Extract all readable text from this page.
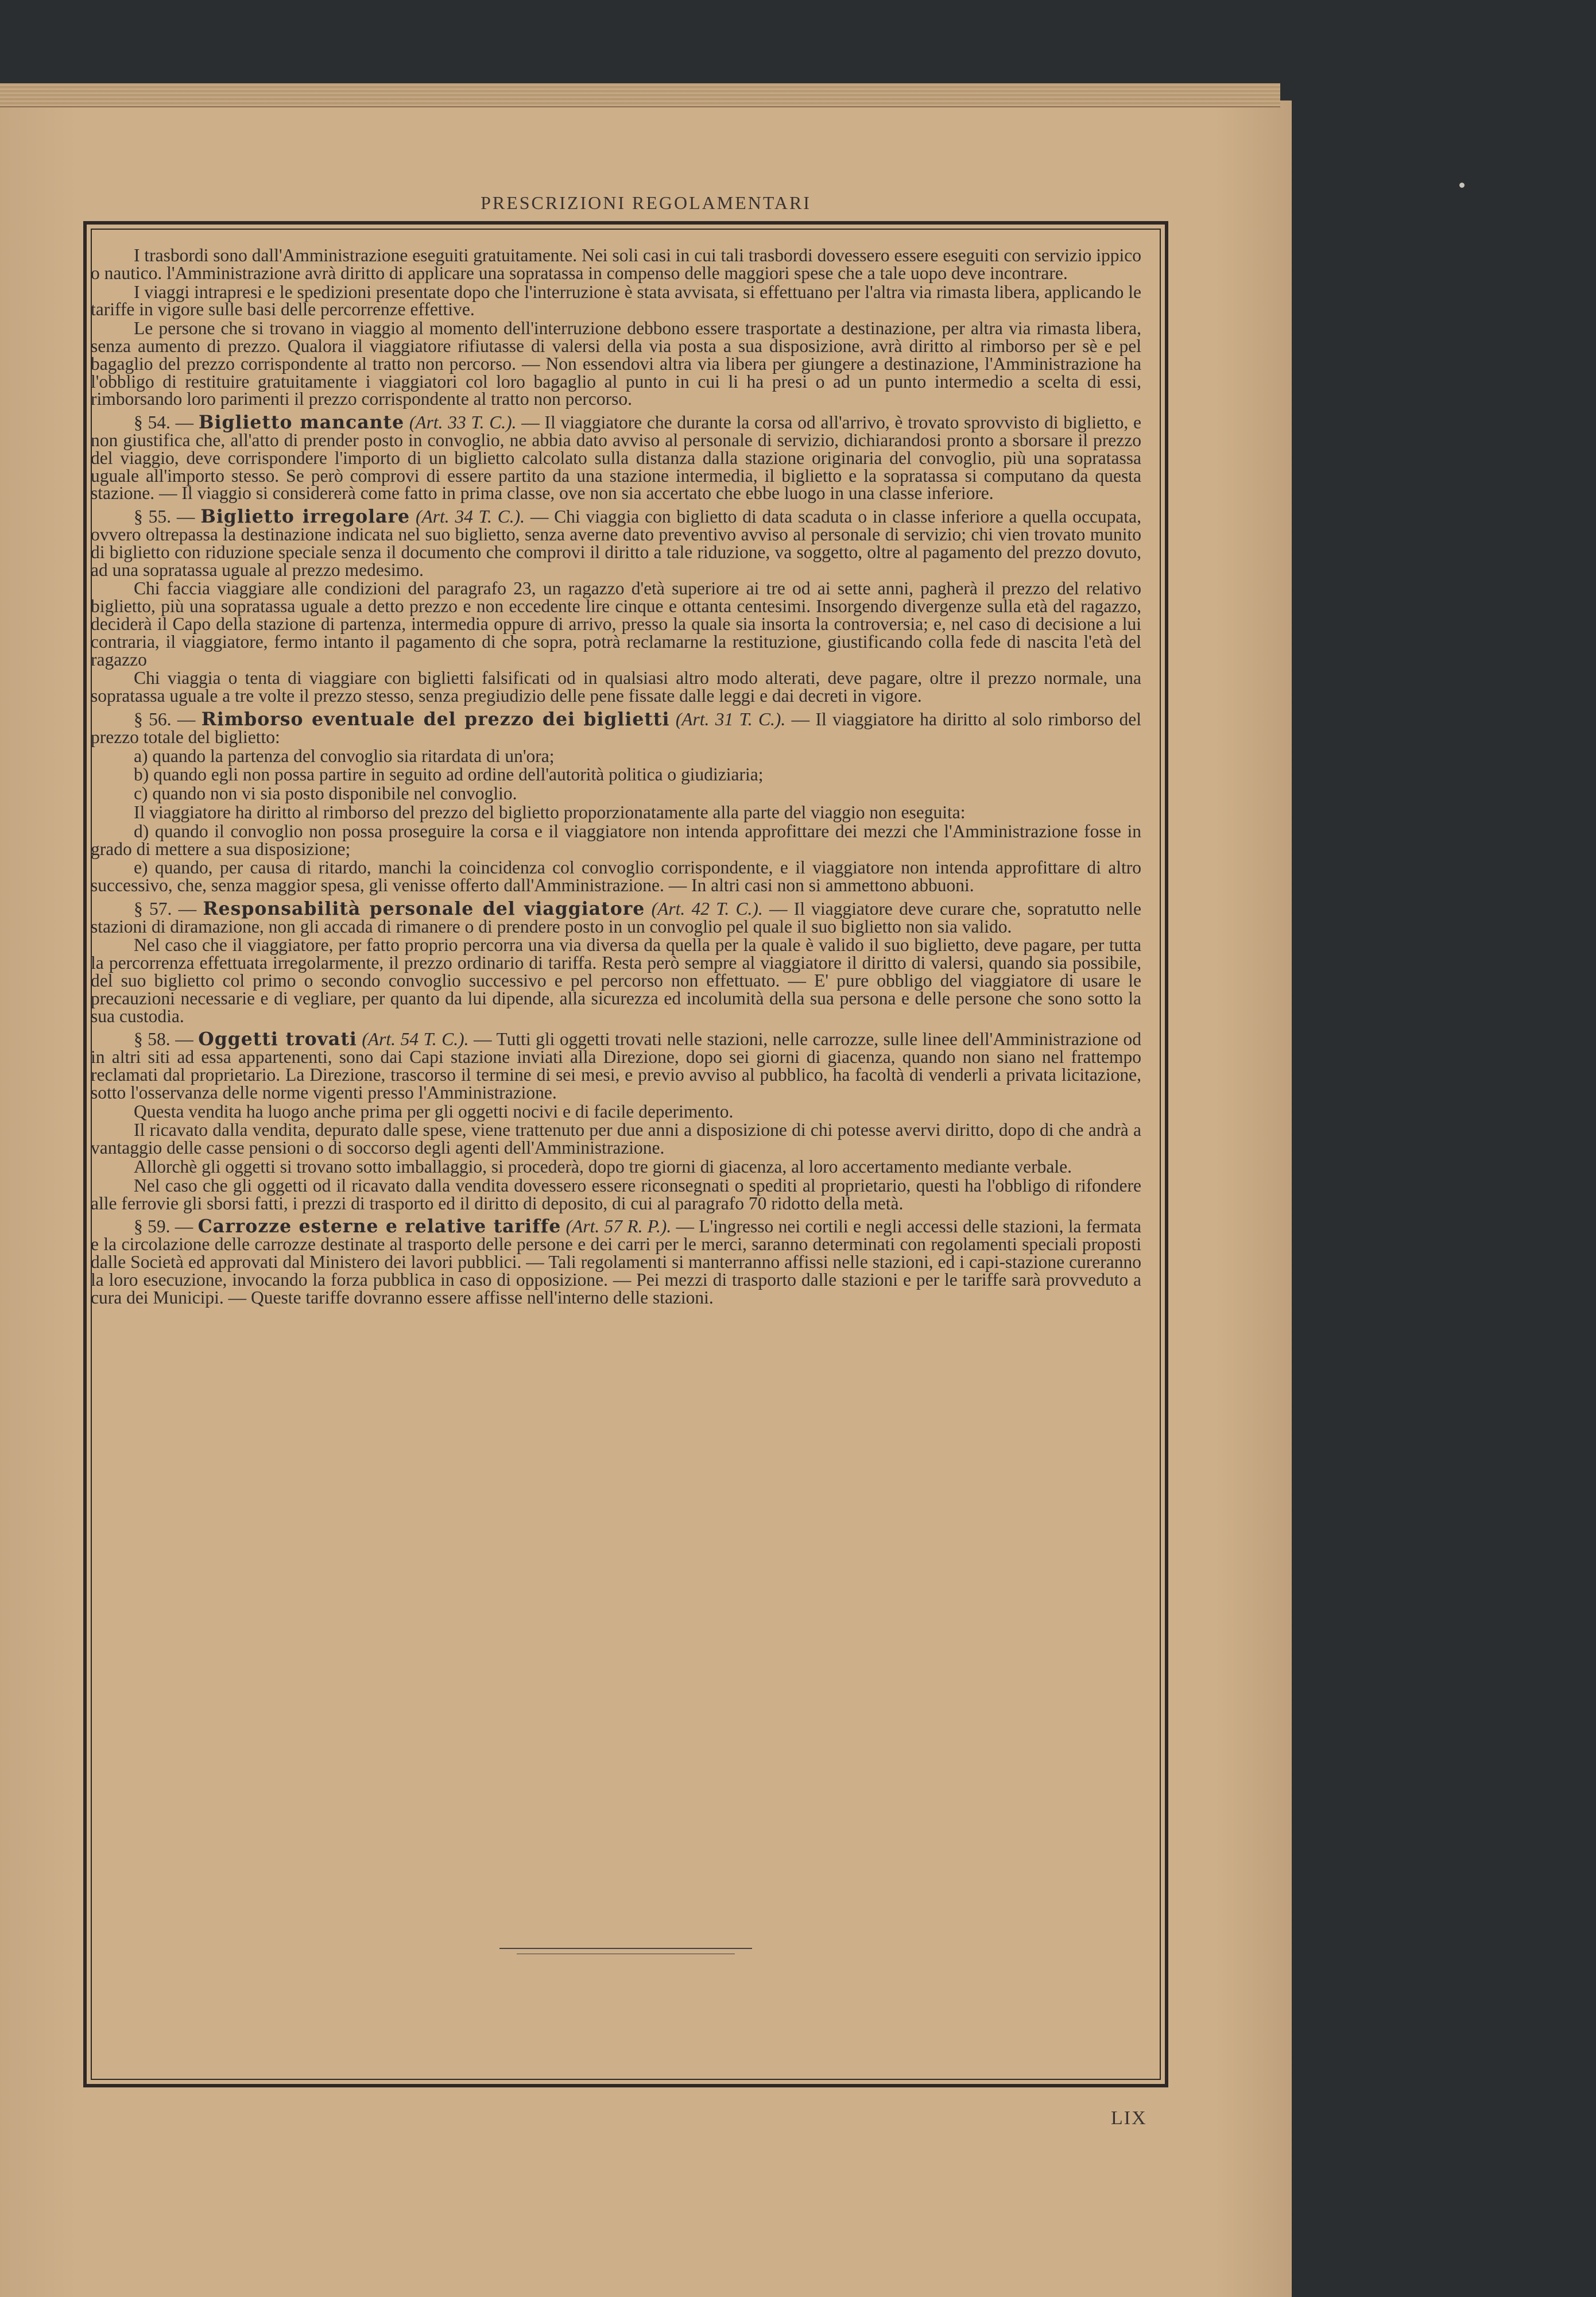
PRESCRIZIONI REGOLAMENTARI

I trasbordi sono dall'Amministrazione eseguiti gratuitamente. Nei soli casi in cui tali trasbordi dovessero essere eseguiti con servizio ippico o nautico. l'Amministrazione avrà diritto di applicare una sopratassa in compenso delle maggiori spese che a tale uopo deve incontrare.

I viaggi intrapresi e le spedizioni presentate dopo che l'interruzione è stata avvisata, si effettuano per l'altra via rimasta libera, applicando le tariffe in vigore sulle basi delle percorrenze effettive.

Le persone che si trovano in viaggio al momento dell'interruzione debbono essere trasportate a destinazione, per altra via rimasta libera, senza aumento di prezzo. Qualora il viaggiatore rifiutasse di valersi della via posta a sua disposizione, avrà diritto al rimborso per sè e pel bagaglio del prezzo corrispondente al tratto non percorso. — Non essendovi altra via libera per giungere a destinazione, l'Amministrazione ha l'obbligo di restituire gratuitamente i viaggiatori col loro bagaglio al punto in cui li ha presi o ad un punto intermedio a scelta di essi, rimborsando loro parimenti il prezzo corrispondente al tratto non percorso.

§ 54. — Biglietto mancante (Art. 33 T. C.). — Il viaggiatore che durante la corsa od all'arrivo, è trovato sprovvisto di biglietto, e non giustifica che, all'atto di prender posto in convoglio, ne abbia dato avviso al personale di servizio, dichiarandosi pronto a sborsare il prezzo del viaggio, deve corrispondere l'importo di un biglietto calcolato sulla distanza dalla stazione originaria del convoglio, più una sopratassa uguale all'importo stesso. Se però comprovi di essere partito da una stazione intermedia, il biglietto e la sopratassa si computano da questa stazione. — Il viaggio si considererà come fatto in prima classe, ove non sia accertato che ebbe luogo in una classe inferiore.

§ 55. — Biglietto irregolare (Art. 34 T. C.). — Chi viaggia con biglietto di data scaduta o in classe inferiore a quella occupata, ovvero oltrepassa la destinazione indicata nel suo biglietto, senza averne dato preventivo avviso al personale di servizio; chi vien trovato munito di biglietto con riduzione speciale senza il documento che comprovi il diritto a tale riduzione, va soggetto, oltre al pagamento del prezzo dovuto, ad una sopratassa uguale al prezzo medesimo.

Chi faccia viaggiare alle condizioni del paragrafo 23, un ragazzo d'età superiore ai tre od ai sette anni, pagherà il prezzo del relativo biglietto, più una sopratassa uguale a detto prezzo e non eccedente lire cinque e ottanta centesimi. Insorgendo divergenze sulla età del ragazzo, deciderà il Capo della stazione di partenza, intermedia oppure di arrivo, presso la quale sia insorta la controversia; e, nel caso di decisione a lui contraria, il viaggiatore, fermo intanto il pagamento di che sopra, potrà reclamarne la restituzione, giustificando colla fede di nascita l'età del ragazzo

Chi viaggia o tenta di viaggiare con biglietti falsificati od in qualsiasi altro modo alterati, deve pagare, oltre il prezzo normale, una sopratassa uguale a tre volte il prezzo stesso, senza pregiudizio delle pene fissate dalle leggi e dai decreti in vigore.

§ 56. — Rimborso eventuale del prezzo dei biglietti (Art. 31 T. C.). — Il viaggiatore ha diritto al solo rimborso del prezzo totale del biglietto:

a) quando la partenza del convoglio sia ritardata di un'ora;

b) quando egli non possa partire in seguito ad ordine dell'autorità politica o giudiziaria;

c) quando non vi sia posto disponibile nel convoglio.

Il viaggiatore ha diritto al rimborso del prezzo del biglietto proporzionatamente alla parte del viaggio non eseguita:

d) quando il convoglio non possa proseguire la corsa e il viaggiatore non intenda approfittare dei mezzi che l'Amministrazione fosse in grado di mettere a sua disposizione;

e) quando, per causa di ritardo, manchi la coincidenza col convoglio corrispondente, e il viaggiatore non intenda approfittare di altro successivo, che, senza maggior spesa, gli venisse offerto dall'Amministrazione. — In altri casi non si ammettono abbuoni.

§ 57. — Responsabilità personale del viaggiatore (Art. 42 T. C.). — Il viaggiatore deve curare che, sopratutto nelle stazioni di diramazione, non gli accada di rimanere o di prendere posto in un convoglio pel quale il suo biglietto non sia valido.

Nel caso che il viaggiatore, per fatto proprio percorra una via diversa da quella per la quale è valido il suo biglietto, deve pagare, per tutta la percorrenza effettuata irregolarmente, il prezzo ordinario di tariffa. Resta però sempre al viaggiatore il diritto di valersi, quando sia possibile, del suo biglietto col primo o secondo convoglio successivo e pel percorso non effettuato. — E' pure obbligo del viaggiatore di usare le precauzioni necessarie e di vegliare, per quanto da lui dipende, alla sicurezza ed incolumità della sua persona e delle persone che sono sotto la sua custodia.

§ 58. — Oggetti trovati (Art. 54 T. C.). — Tutti gli oggetti trovati nelle stazioni, nelle carrozze, sulle linee dell'Amministrazione od in altri siti ad essa appartenenti, sono dai Capi stazione inviati alla Direzione, dopo sei giorni di giacenza, quando non siano nel frattempo reclamati dal proprietario. La Direzione, trascorso il termine di sei mesi, e previo avviso al pubblico, ha facoltà di venderli a privata licitazione, sotto l'osservanza delle norme vigenti presso l'Amministrazione.

Questa vendita ha luogo anche prima per gli oggetti nocivi e di facile deperimento.

Il ricavato dalla vendita, depurato dalle spese, viene trattenuto per due anni a disposizione di chi potesse avervi diritto, dopo di che andrà a vantaggio delle casse pensioni o di soccorso degli agenti dell'Amministrazione.

Allorchè gli oggetti si trovano sotto imballaggio, si procederà, dopo tre giorni di giacenza, al loro accertamento mediante verbale.

Nel caso che gli oggetti od il ricavato dalla vendita dovessero essere riconsegnati o spediti al proprietario, questi ha l'obbligo di rifondere alle ferrovie gli sborsi fatti, i prezzi di trasporto ed il diritto di deposito, di cui al paragrafo 70 ridotto della metà.

§ 59. — Carrozze esterne e relative tariffe (Art. 57 R. P.). — L'ingresso nei cortili e negli accessi delle stazioni, la fermata e la circolazione delle carrozze destinate al trasporto delle persone e dei carri per le merci, saranno determinati con regolamenti speciali proposti dalle Società ed approvati dal Ministero dei lavori pubblici. — Tali regolamenti si manterranno affissi nelle stazioni, ed i capi-stazione cureranno la loro esecuzione, invocando la forza pubblica in caso di opposizione. — Pei mezzi di trasporto dalle stazioni e per le tariffe sarà provveduto a cura dei Municipi. — Queste tariffe dovranno essere affisse nell'interno delle stazioni.

LIX
